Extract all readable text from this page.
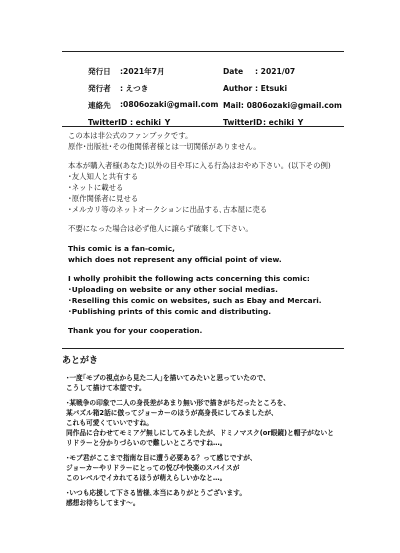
発行日	:2021年7月	Date	: 2021/07
発行者	: えつき	Author : Etsuki
連絡先	:0806ozaki@gmail.com Mail : 0806ozaki@gmail.com
TwitterID : echiki_Y	TwitterID : echiki_Y
この本は非公式のファンブックです。
原作･出版社･その他関係者様とは一切関係がありません。
本本が購入者様(あなた)以外の目や耳に入る行為はおやめ下さい。(以下その例)
･友人知人と共有する
･ネットに載せる
･原作関係者に見せる
･メルカリ等のネットオークションに出品する､古本屋に売る
不要になった場合は必ず他人に譲らず破棄して下さい。
This comic is a fan-comic,
which does not represent any official point of view.
I wholly prohibit the following acts concerning this comic:
･Uploading on website or any other social medias.
･Reselling this comic on websites, such as Ebay and Mercari.
･Publishing prints of this comic and distributing.
Thank you for your cooperation.
あとがき
･一度｢モブの視点から見た二人｣を描いてみたいと思っていたので、
こうして描けて本望です。
･某戦争の印象で二人の身長差があまり無い形で描きがちだったところを、
某バズル箱2話に倣ってジョーカーのほうが高身長にしてみましたが、
これも可愛くていいですね。
同作品に合わせてモミアゲ無しにしてみましたが、ドミノマスク(or眼鏡)と帽子がないと
リドラーと分かりづらいので難しいところですね…。
･モブ君がここまで指南な目に遭う必要ある？って感じですが、
ジョーカーやリドラーにとっての悦びや快楽のスパイスが
このレベルでイカれてるほうが萌えらしいかなと…。
･いつも応援して下さる皆様､本当にありがとうございます。
感想お待ちしてます〜。
